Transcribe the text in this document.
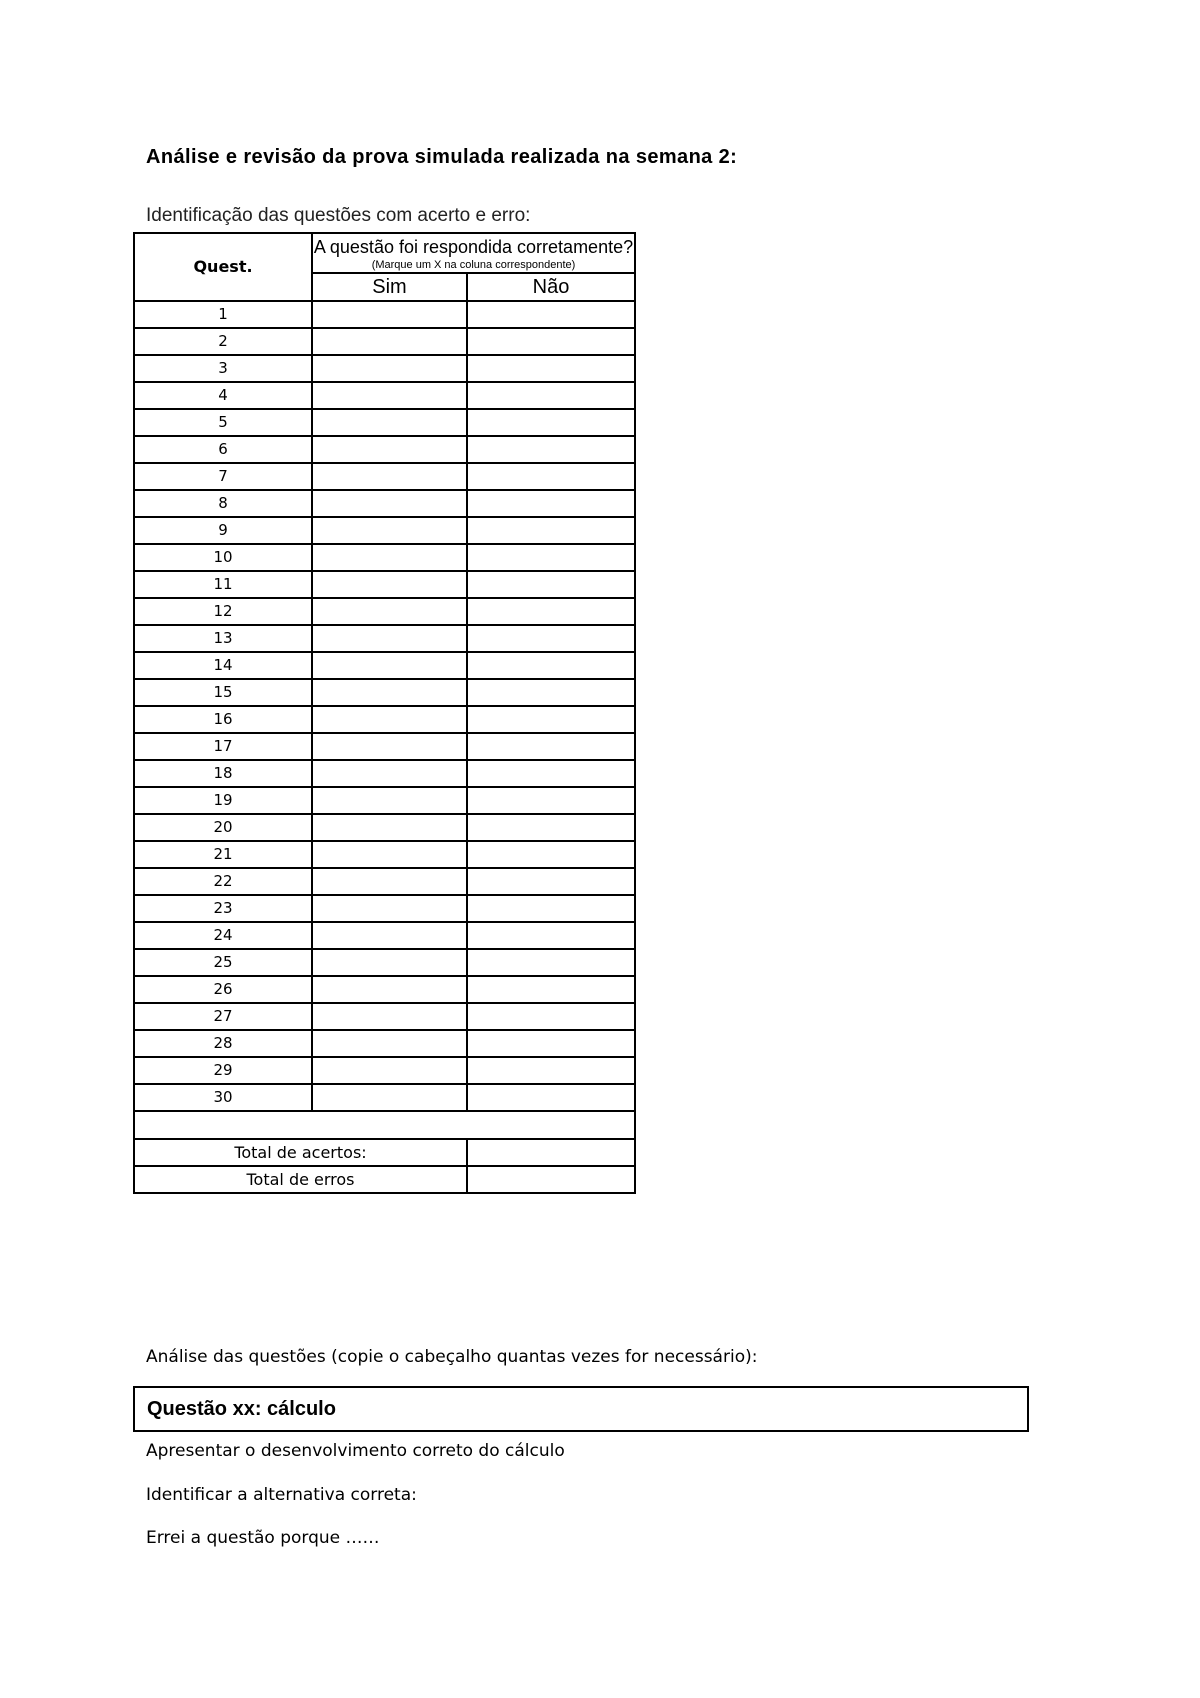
Análise e revisão da prova simulada realizada na semana 2:
Identificação das questões com acerto e erro:
Quest.	A questão foi respondida corretamente?
(Marque um X na coluna correspondente)	

	Sim	Não
1		
2		
3		
4		
5		
6		
7		
8		
9		
10		
11		
12		
13		
14		
15		
16		
17		
18		
19		
20		
21		
22		
23		
24		
25		
26		
27		
28		
29		
30		

Total de acertos:		
Total de erros		
Análise das questões (copie o cabeçalho quantas vezes for necessário):
Questão xx: cálculo
Apresentar o desenvolvimento correto do cálculo
Identificar a alternativa correta:
Errei a questão porque ……
